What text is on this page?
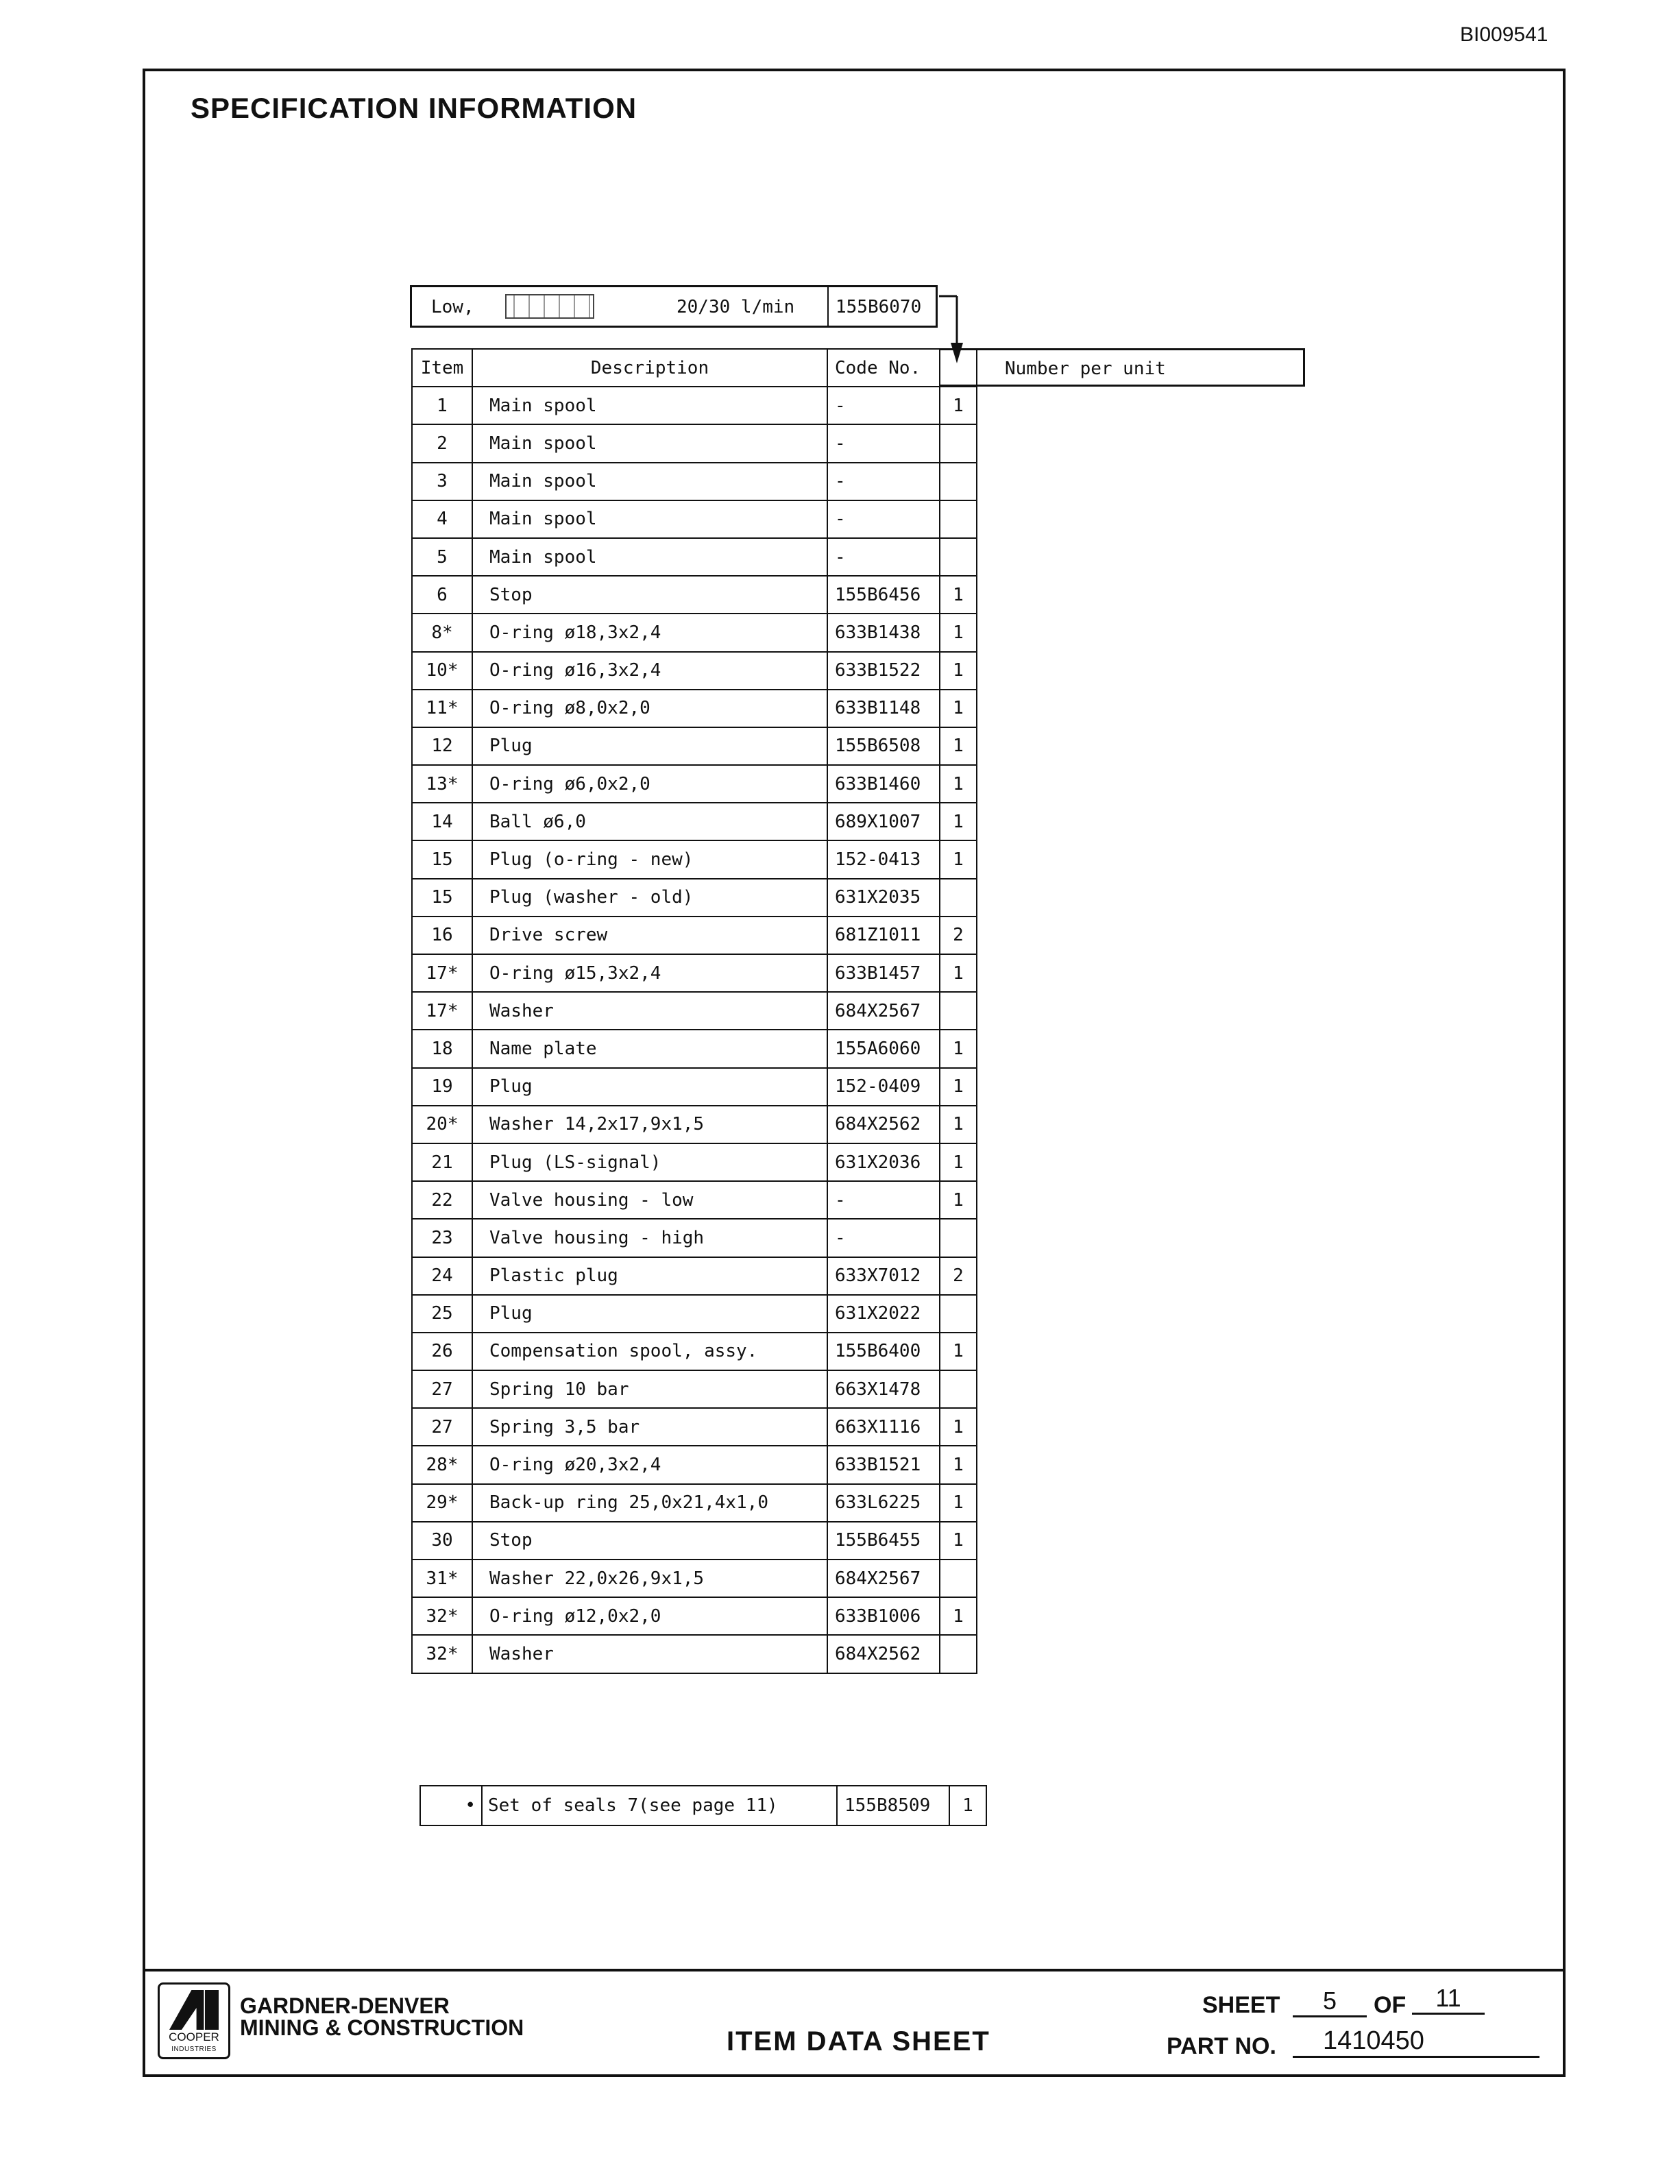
BI009541
SPECIFICATION INFORMATION
Low,	20/30 l/min 155B6070
Number per unit
Item	Description	Code No.	
1	Main spool	-	1
2	Main spool	-	
3	Main spool	-	
4	Main spool	-	
5	Main spool	-	
6	Stop	155B6456	1
8*	O-ring ø18,3x2,4	633B1438	1
10*	O-ring ø16,3x2,4	633B1522	1
11*	O-ring ø8,0x2,0	633B1148	1
12	Plug	155B6508	1
13*	O-ring ø6,0x2,0	633B1460	1
14	Ball ø6,0	689X1007	1
15	Plug (o-ring - new)	152-0413	1
15	Plug (washer - old)	631X2035	
16	Drive screw	681Z1011	2
17*	O-ring ø15,3x2,4	633B1457	1
17*	Washer	684X2567	
18	Name plate	155A6060	1
19	Plug	152-0409	1
20*	Washer 14,2x17,9x1,5	684X2562	1
21	Plug (LS-signal)	631X2036	1
22	Valve housing - low	-	1
23	Valve housing - high	-	
24	Plastic plug	633X7012	2
25	Plug	631X2022	
26	Compensation spool, assy.	155B6400	1
27	Spring 10 bar	663X1478	
27	Spring 3,5 bar	663X1116	1
28*	O-ring ø20,3x2,4	633B1521	1
29*	Back-up ring 25,0x21,4x1,0	633L6225	1
30	Stop	155B6455	1
31*	Washer 22,0x26,9x1,5	684X2567	
32*	O-ring ø12,0x2,0	633B1006	1
32*	Washer	684X2562	
•	Set of seals 7(see page 11)	155B8509	1
COOPER
INDUSTRIES
GARDNER-DENVER
MINING & CONSTRUCTION	ITEM DATA SHEET
SHEET	5	OF	11
PART NO.	1410450
